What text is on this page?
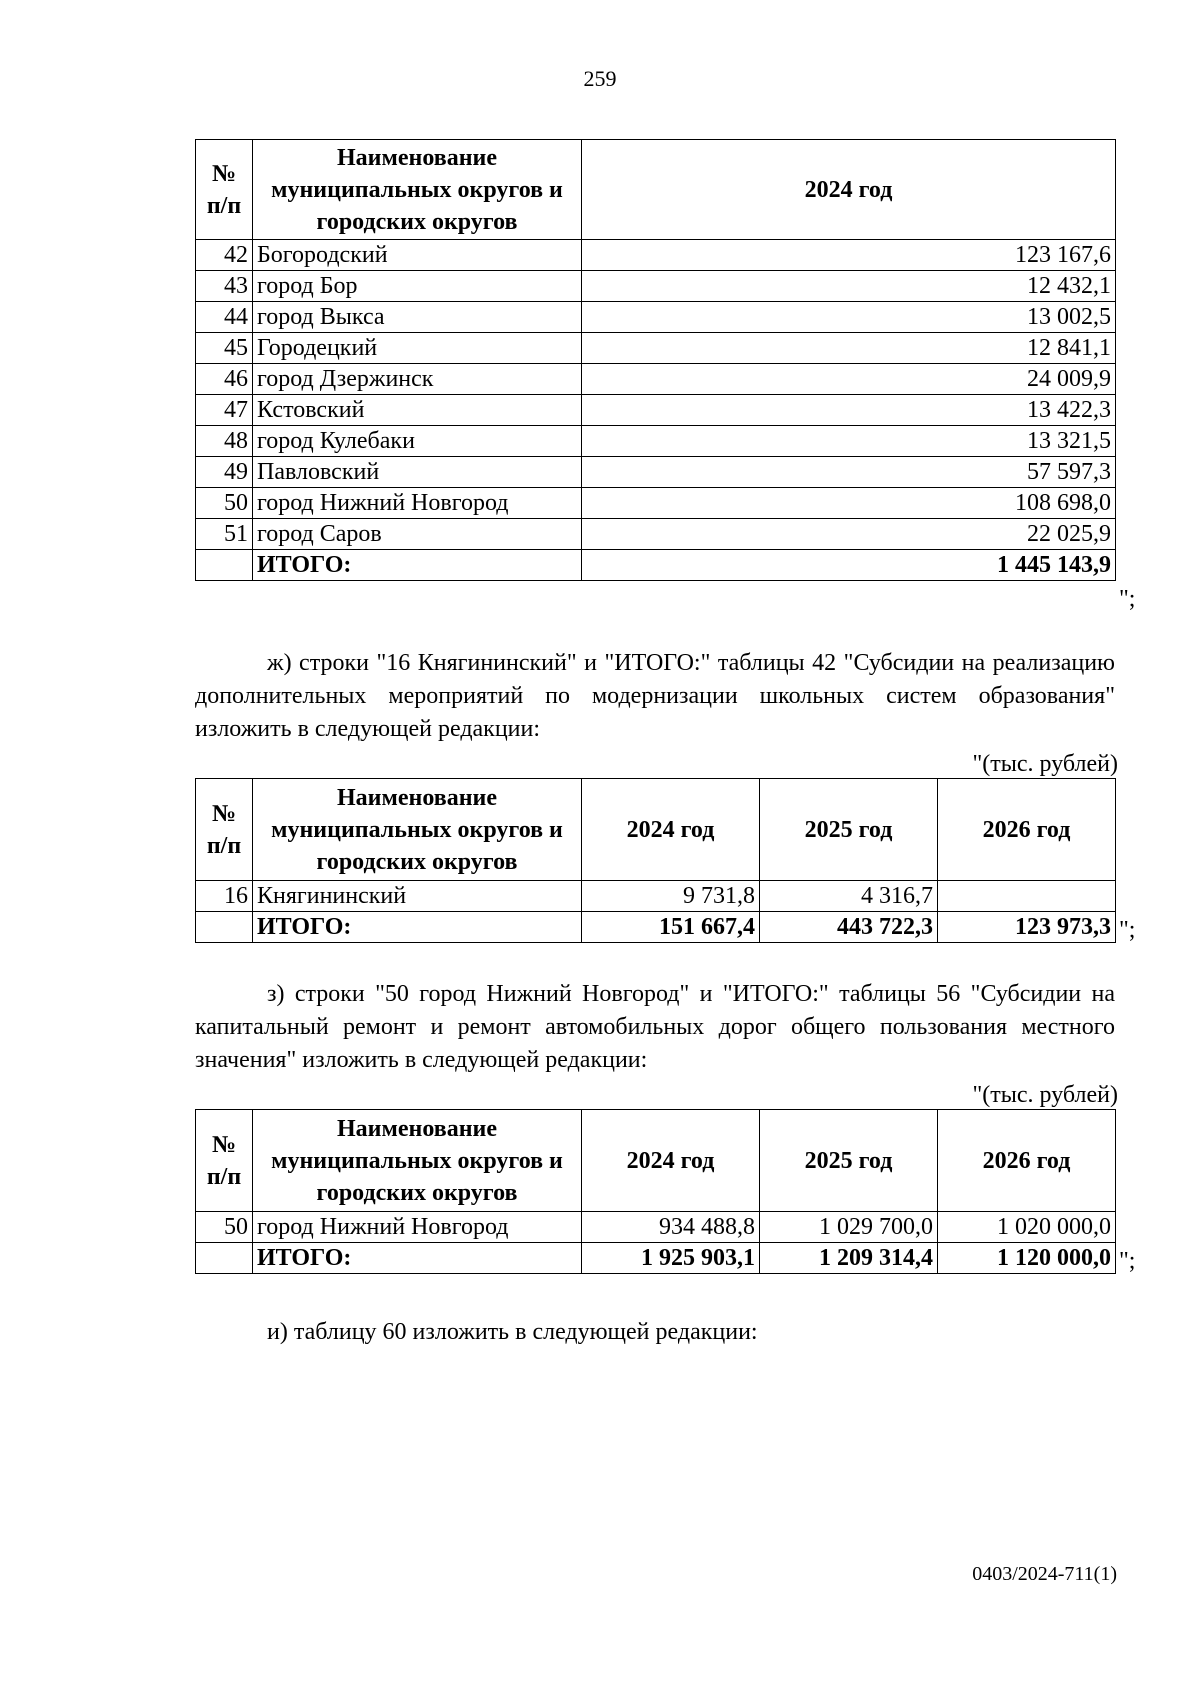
259
№ п/п	Наименование муниципальных округов и городских округов	2024 год
42	Богородский	123 167,6
43	город Бор	12 432,1
44	город Выкса	13 002,5
45	Городецкий	12 841,1
46	город Дзержинск	24 009,9
47	Кстовский	13 422,3
48	город Кулебаки	13 321,5
49	Павловский	57 597,3
50	город Нижний Новгород	108 698,0
51	город Саров	22 025,9
	ИТОГО:	1 445 143,9
";
ж) строки "16 Княгининский" и "ИТОГО:" таблицы 42 "Субсидии на реализацию дополнительных мероприятий по модернизации школьных систем образования" изложить в следующей редакции:
"(тыс. рублей)
№ п/п	Наименование муниципальных округов и городских округов	2024 год	2025 год	2026 год
16	Княгининский	9 731,8	4 316,7	
	ИТОГО:	151 667,4	443 722,3	123 973,3 ";
з) строки "50 город Нижний Новгород" и "ИТОГО:" таблицы 56 "Субсидии на капитальный ремонт и ремонт автомобильных дорог общего пользования местного значения" изложить в следующей редакции:
"(тыс. рублей)
№ п/п	Наименование муниципальных округов и городских округов	2024 год	2025 год	2026 год
50	город Нижний Новгород	934 488,8	1 029 700,0	1 020 000,0
	ИТОГО:	1 925 903,1	1 209 314,4	1 120 000,0 ";
и) таблицу 60 изложить в следующей редакции:
0403/2024-711(1)
